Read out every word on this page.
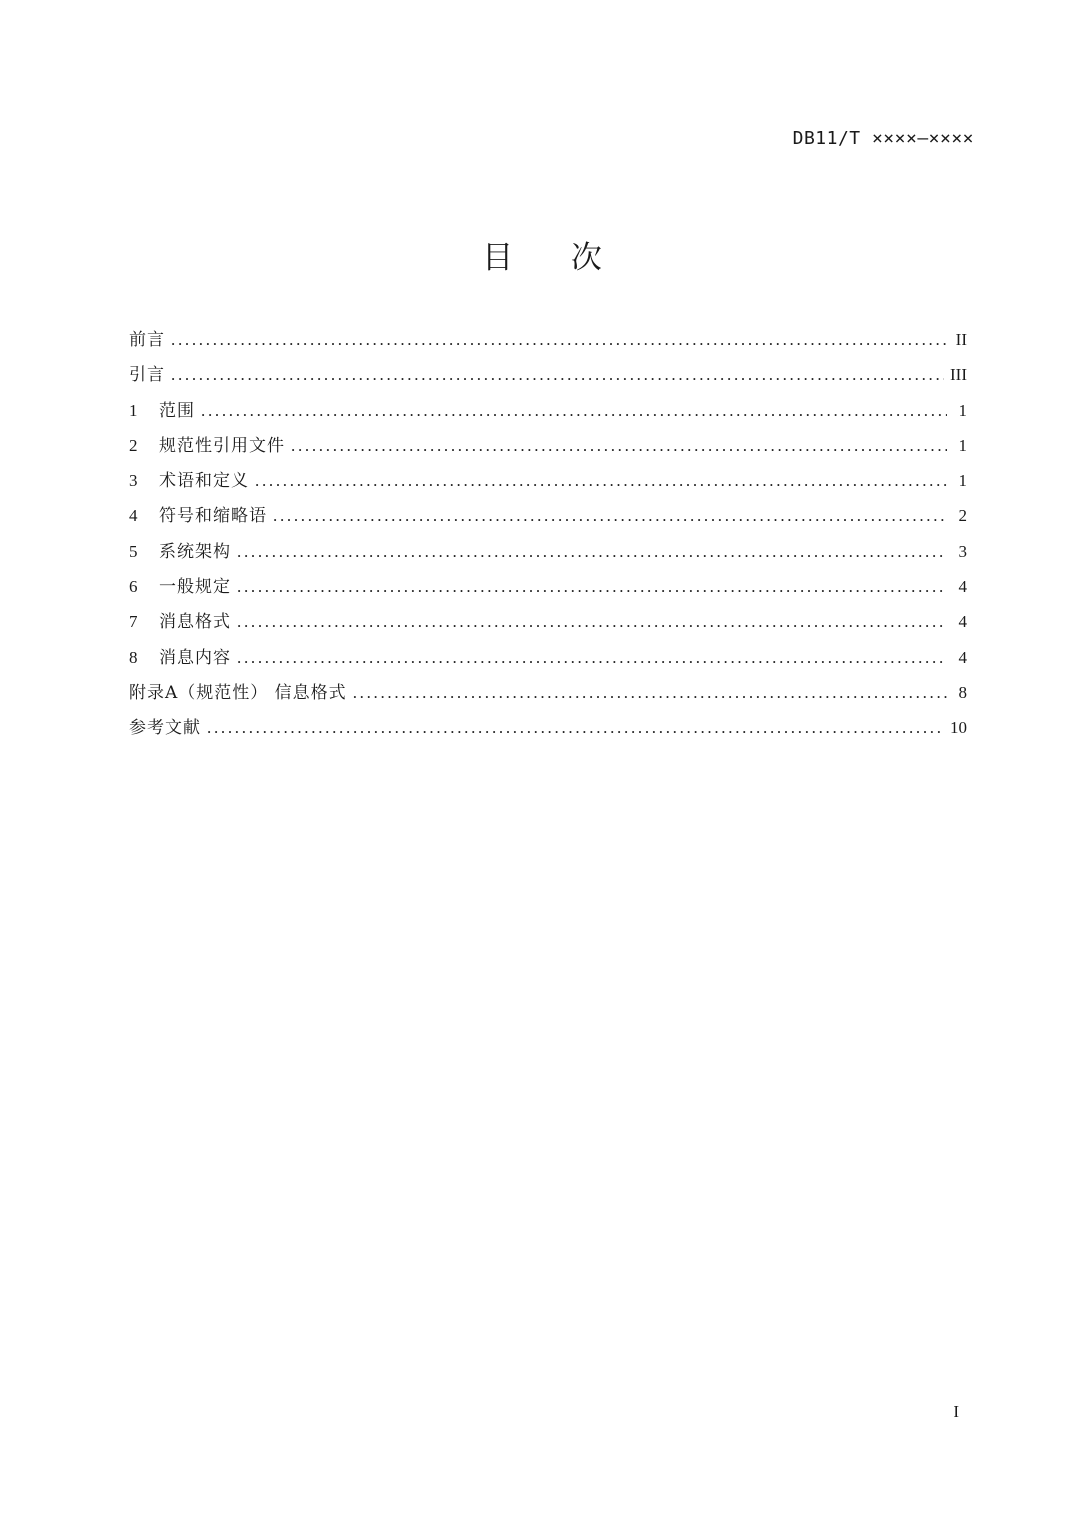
DB11/T ××××—××××
目 次
前言 .....	II
引言 .....	III
1	范围 .....	1
2	规范性引用文件 .....	1
3	术语和定义 .....	1
4	符号和缩略语 .....	2
5	系统架构 .....	3
6	一般规定 .....	4
7	消息格式 .....	4
8	消息内容 .....	4
附录A（规范性） 信息格式 .....	8
参考文献 .....	10
I
